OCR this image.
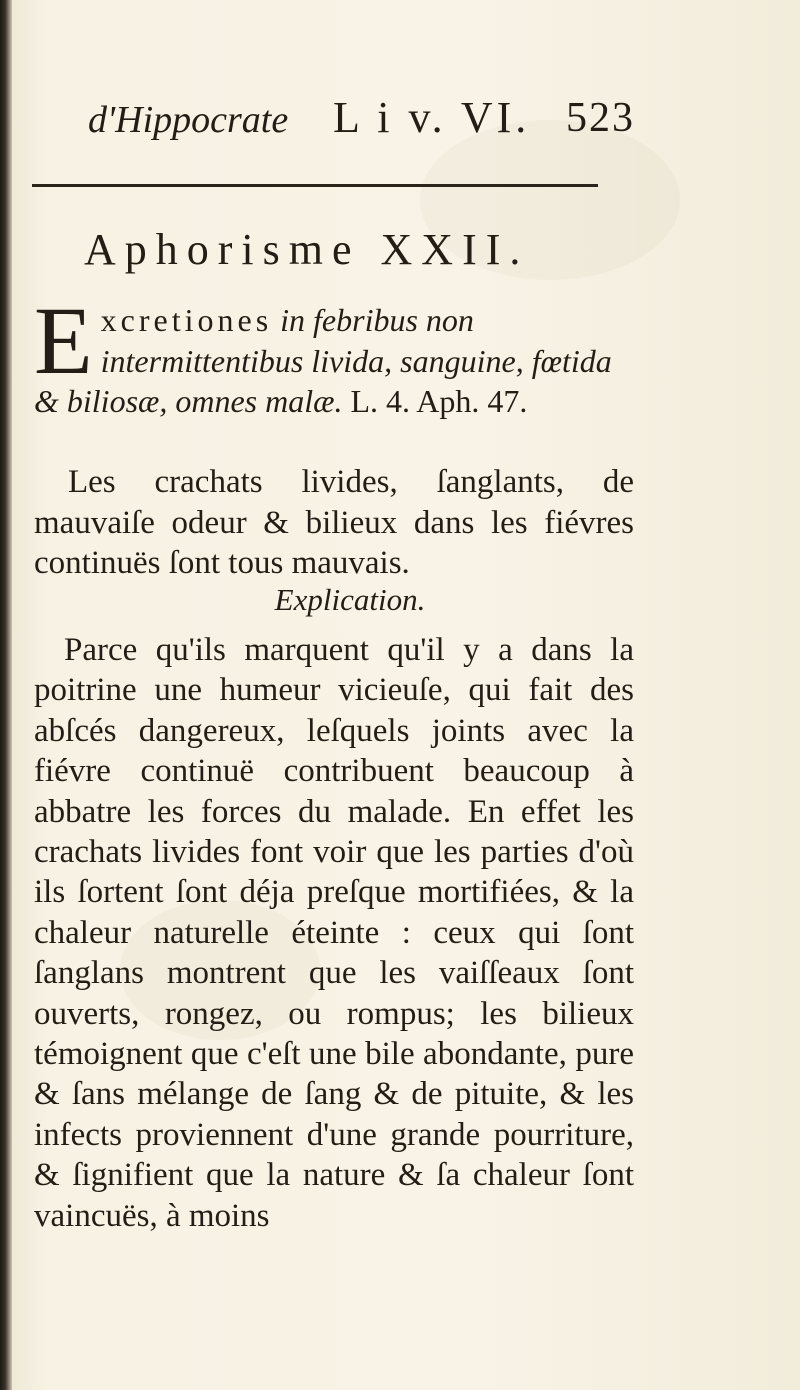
d'Hippocrate L i v. VI. 523
Aphorisme XXII.
Excretiones in febribus non intermittentibus livida, sanguine, fœtida & biliosæ, omnes malæ. L. 4. Aph. 47.
Les crachats livides, ſanglants, de mauvaiſe odeur & bilieux dans les fiévres continuës ſont tous mauvais.
Explication.
Parce qu'ils marquent qu'il y a dans la poitrine une humeur vicieuſe, qui fait des abſcés dangereux, leſquels joints avec la fiévre continuë contribuent beaucoup à abbatre les forces du malade. En effet les crachats livides font voir que les parties d'où ils ſortent ſont déja preſque mortifiées, & la chaleur naturelle éteinte : ceux qui ſont ſanglans montrent que les vaiſſeaux ſont ouverts, rongez, ou rompus; les bilieux témoignent que c'eſt une bile abondante, pure & ſans mélange de ſang & de pituite, & les infects proviennent d'une grande pourriture, & ſignifient que la nature & ſa chaleur ſont vaincuës, à moins
